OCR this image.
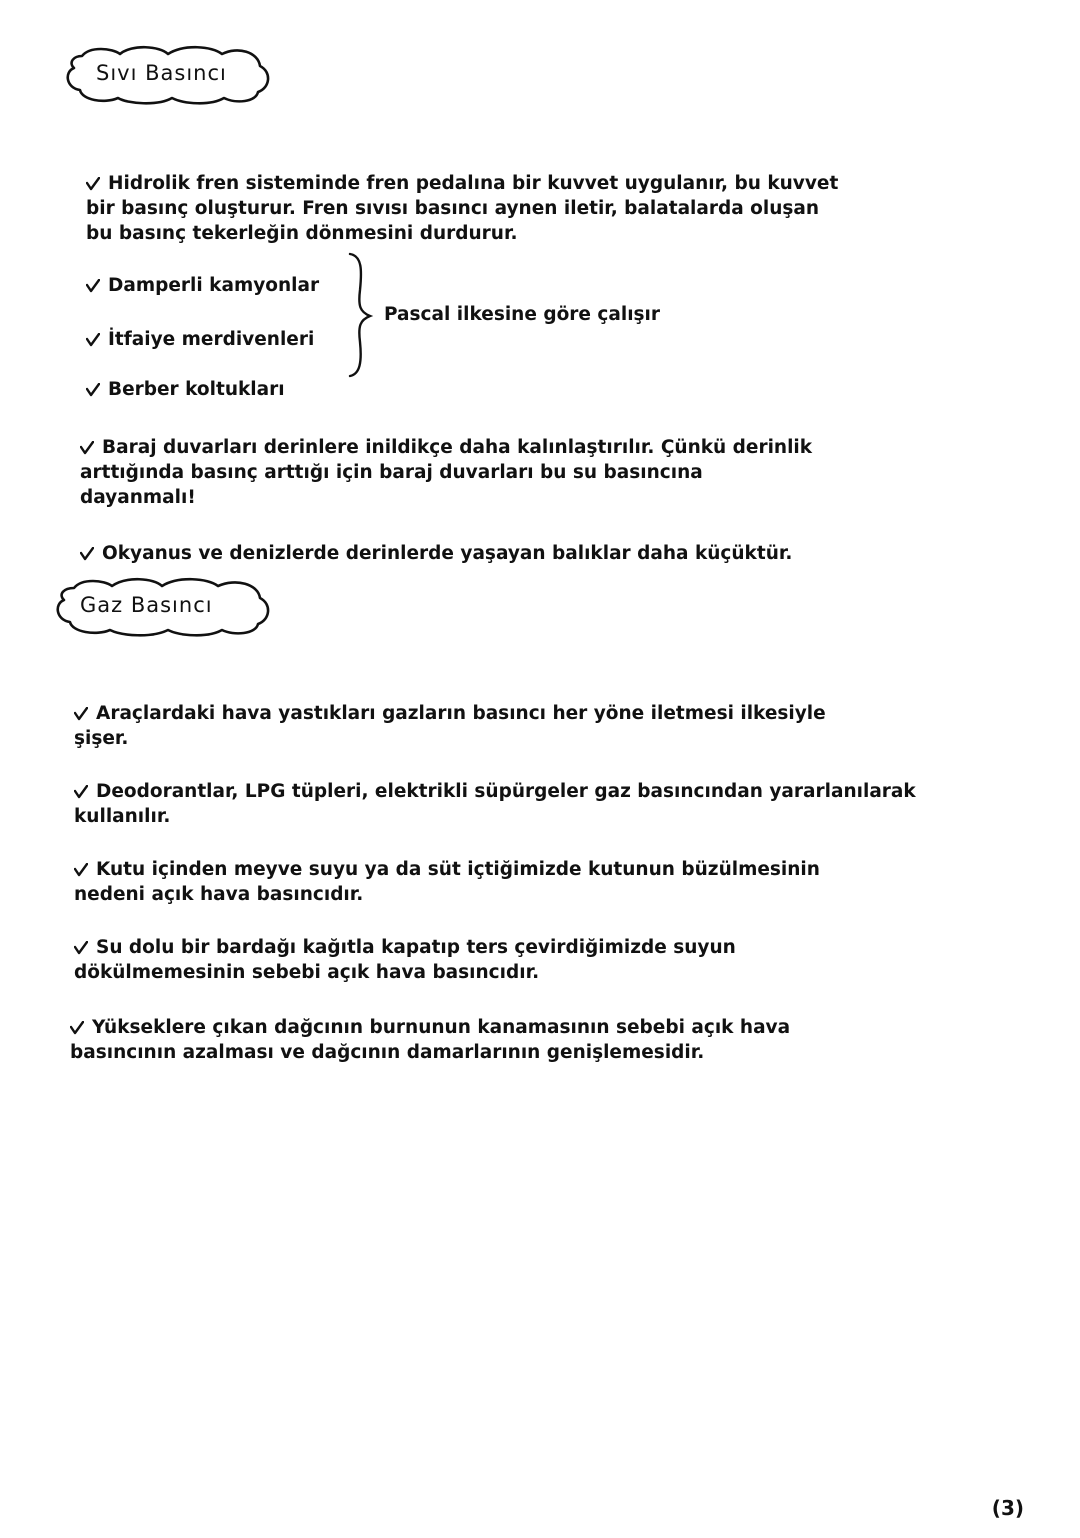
Sıvı Basıncı

Hidrolik fren sisteminde fren pedalına bir kuvvet uygulanır, bu kuvvet
bir basınç oluşturur. Fren sıvısı basıncı aynen iletir, balatalarda oluşan
bu basınç tekerleğin dönmesini durdurur.

Damperli kamyonlar

İtfaiye merdivenleri

Berber koltukları

Pascal ilkesine göre çalışır

Baraj duvarları derinlere inildikçe daha kalınlaştırılır. Çünkü derinlik
arttığında basınç arttığı için baraj duvarları bu su basıncına
dayanmalı!

Okyanus ve denizlerde derinlerde yaşayan balıklar daha küçüktür.

Gaz Basıncı

Araçlardaki hava yastıkları gazların basıncı her yöne iletmesi ilkesiyle
şişer.

Deodorantlar, LPG tüpleri, elektrikli süpürgeler gaz basıncından yararlanılarak
kullanılır.

Kutu içinden meyve suyu ya da süt içtiğimizde kutunun büzülmesinin
nedeni açık hava basıncıdır.

Su dolu bir bardağı kağıtla kapatıp ters çevirdiğimizde suyun
dökülmemesinin sebebi açık hava basıncıdır.

Yükseklere çıkan dağcının burnunun kanamasının sebebi açık hava
basıncının azalması ve dağcının damarlarının genişlemesidir.

(3)
